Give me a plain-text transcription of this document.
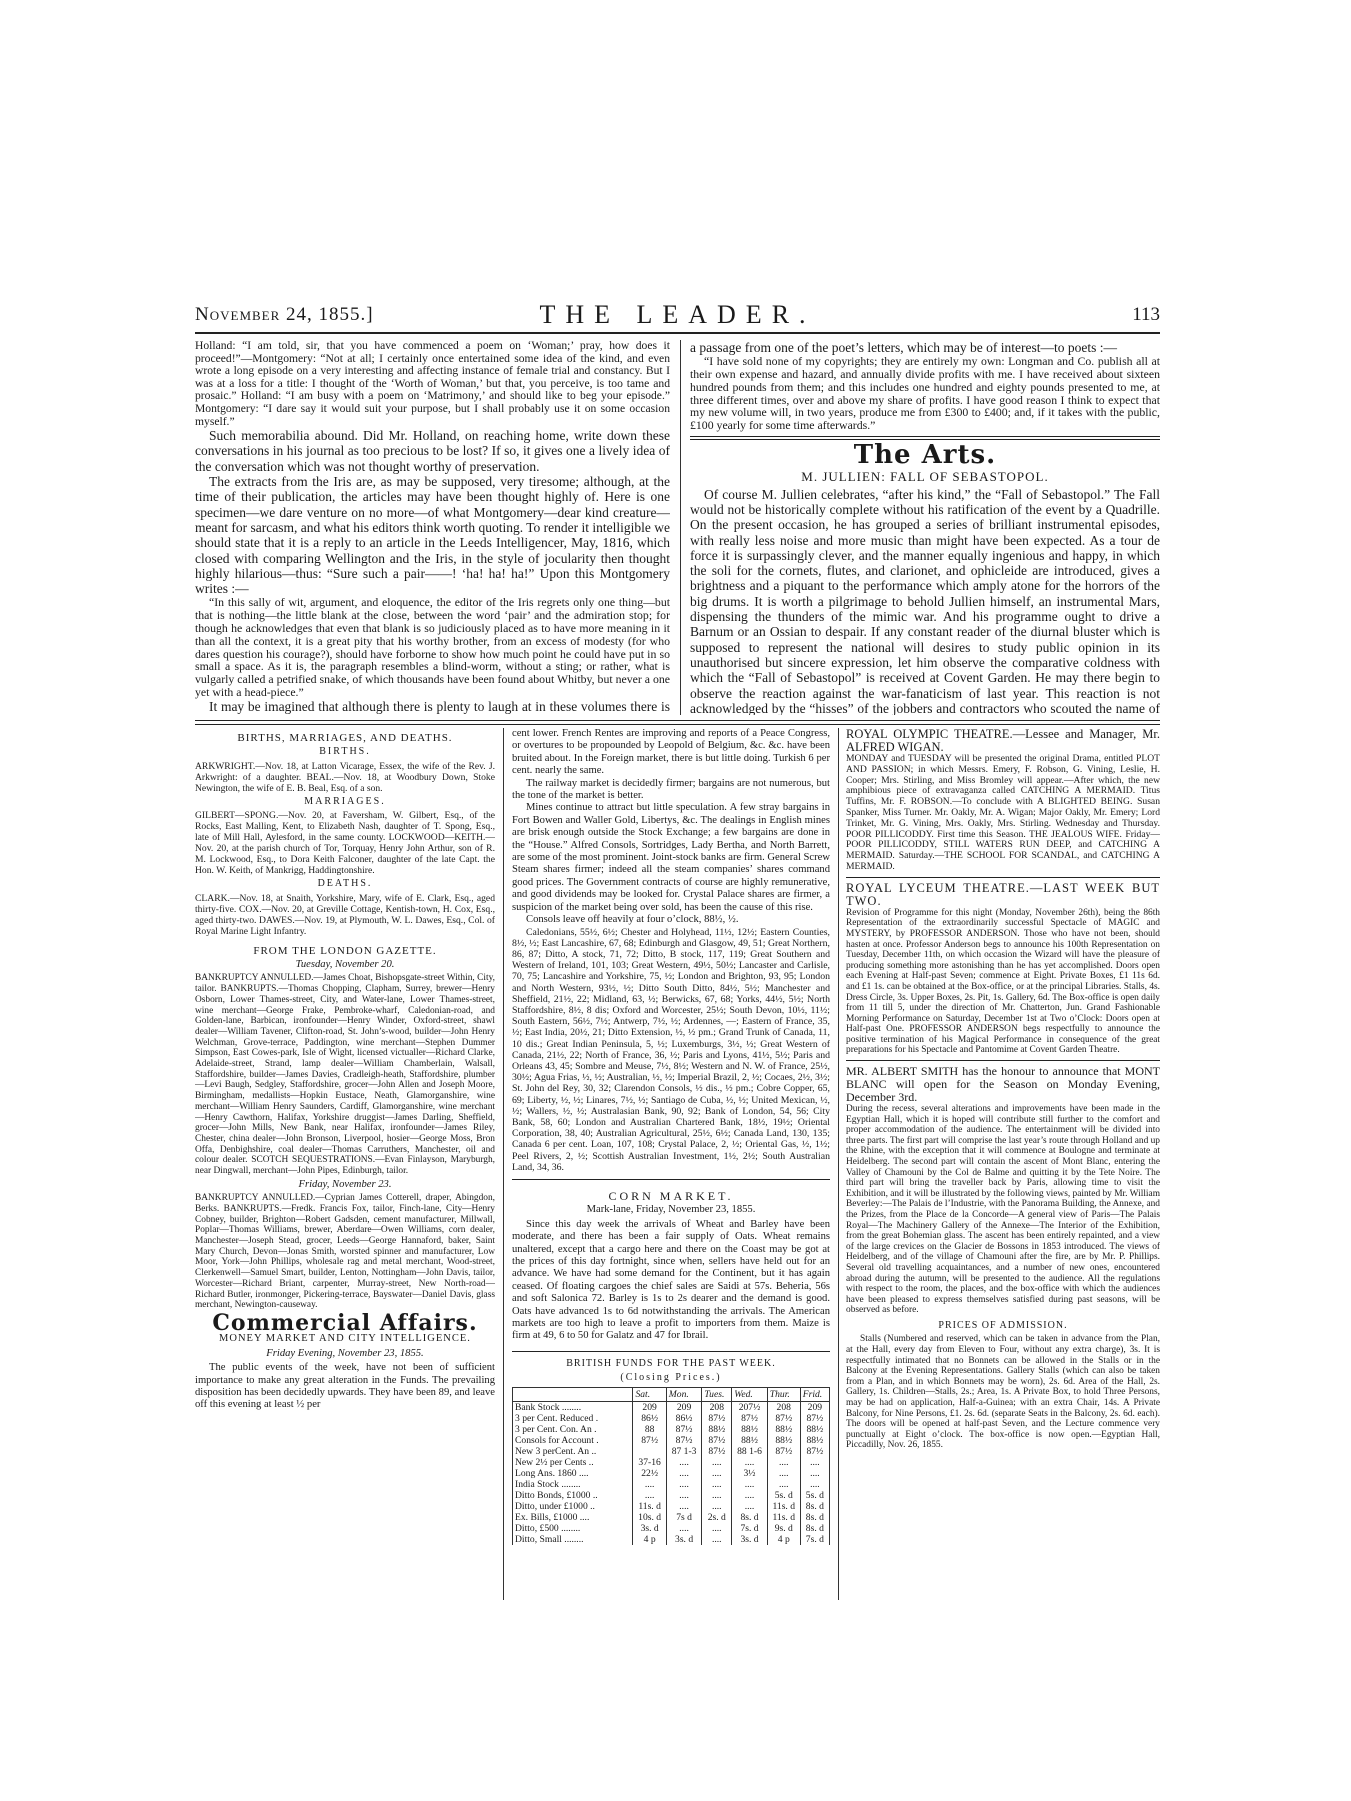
November 24, 1855.]	THE LEADER.	113

Holland: “I am told, sir, that you have commenced a poem on ‘Woman;’ pray, how does it proceed!”—Montgomery: “Not at all; I certainly once entertained some idea of the kind, and even wrote a long episode on a very interesting and affecting instance of female trial and constancy. But I was at a loss for a title: I thought of the ‘Worth of Woman,’ but that, you perceive, is too tame and prosaic.” Holland: “I am busy with a poem on ‘Matrimony,’ and should like to beg your episode.” Montgomery: “I dare say it would suit your purpose, but I shall probably use it on some occasion myself.”

Such memorabilia abound. Did Mr. Holland, on reaching home, write down these conversations in his journal as too precious to be lost? If so, it gives one a lively idea of the conversation which was not thought worthy of preservation.

The extracts from the Iris are, as may be supposed, very tiresome; although, at the time of their publication, the articles may have been thought highly of. Here is one specimen—we dare venture on no more—of what Montgomery—dear kind creature—meant for sarcasm, and what his editors think worth quoting. To render it intelligible we should state that it is a reply to an article in the Leeds Intelligencer, May, 1816, which closed with comparing Wellington and the Iris, in the style of jocularity then thought highly hilarious—thus: “Sure such a pair——! ‘ha! ha! ha!” Upon this Montgomery writes :—

“In this sally of wit, argument, and eloquence, the editor of the Iris regrets only one thing—but that is nothing—the little blank at the close, between the word ‘pair’ and the admiration stop; for though he acknowledges that even that blank is so judiciously placed as to have more meaning in it than all the context, it is a great pity that his worthy brother, from an excess of modesty (for who dares question his courage?), should have forborne to show how much point he could have put in so small a space. As it is, the paragraph resembles a blind-worm, without a sting; or rather, what is vulgarly called a petrified snake, of which thousands have been found about Whitby, but never a one yet with a head-piece.”

It may be imagined that although there is plenty to laugh at in these volumes there is

a passage from one of the poet’s letters, which may be of interest—to poets :—

“I have sold none of my copyrights; they are entirely my own: Longman and Co. publish all at their own expense and hazard, and annually divide profits with me. I have received about sixteen hundred pounds from them; and this includes one hundred and eighty pounds presented to me, at three different times, over and above my share of profits. I have good reason I think to expect that my new volume will, in two years, produce me from £300 to £400; and, if it takes with the public, £100 yearly for some time afterwards.”

The Arts.
M. JULLIEN: FALL OF SEBASTOPOL.

Of course M. Jullien celebrates, “after his kind,” the “Fall of Sebastopol.” The Fall would not be historically complete without his ratification of the event by a Quadrille. On the present occasion, he has grouped a series of brilliant instrumental episodes, with really less noise and more music than might have been expected. As a tour de force it is surpassingly clever, and the manner equally ingenious and happy, in which the soli for the cornets, flutes, and clarionet, and ophicleide are introduced, gives a brightness and a piquant to the performance which amply atone for the horrors of the big drums. It is worth a pilgrimage to behold Jullien himself, an instrumental Mars, dispensing the thunders of the mimic war. And his programme ought to drive a Barnum or an Ossian to despair. If any constant reader of the diurnal bluster which is supposed to represent the national will desires to study public opinion in its unauthorised but sincere expression, let him observe the comparative coldness with which the “Fall of Sebastopol” is received at Covent Garden. He may there begin to observe the reaction against the war-fanaticism of last year. This reaction is not acknowledged by the “hisses” of the jobbers and contractors who scouted the name of

BIRTHS, MARRIAGES, AND DEATHS.
BIRTHS.

ARKWRIGHT.—Nov. 18, at Latton Vicarage, Essex, the wife of the Rev. J. Arkwright: of a daughter. BEAL.—Nov. 18, at Woodbury Down, Stoke Newington, the wife of E. B. Beal, Esq. of a son.

MARRIAGES.

GILBERT—SPONG.—Nov. 20, at Faversham, W. Gilbert, Esq., of the Rocks, East Malling, Kent, to Elizabeth Nash, daughter of T. Spong, Esq., late of Mill Hall, Aylesford, in the same county. LOCKWOOD—KEITH.—Nov. 20, at the parish church of Tor, Torquay, Henry John Arthur, son of R. M. Lockwood, Esq., to Dora Keith Falconer, daughter of the late Capt. the Hon. W. Keith, of Mankrigg, Haddingtonshire.

DEATHS.

CLARK.—Nov. 18, at Snaith, Yorkshire, Mary, wife of E. Clark, Esq., aged thirty-five. COX.—Nov. 20, at Greville Cottage, Kentish-town, H. Cox, Esq., aged thirty-two. DAWES.—Nov. 19, at Plymouth, W. L. Dawes, Esq., Col. of Royal Marine Light Infantry.

FROM THE LONDON GAZETTE.
Tuesday, November 20.

BANKRUPTCY ANNULLED.—James Choat, Bishopsgate-street Within, City, tailor. BANKRUPTS.—Thomas Chopping, Clapham, Surrey, brewer—Henry Osborn, Lower Thames-street, City, and Water-lane, Lower Thames-street, wine merchant—George Frake, Pembroke-wharf, Caledonian-road, and Golden-lane, Barbican, ironfounder—Henry Winder, Oxford-street, shawl dealer—William Tavener, Clifton-road, St. John’s-wood, builder—John Henry Welchman, Grove-terrace, Paddington, wine merchant—Stephen Dummer Simpson, East Cowes-park, Isle of Wight, licensed victualler—Richard Clarke, Adelaide-street, Strand, lamp dealer—William Chamberlain, Walsall, Staffordshire, builder—James Davies, Cradleigh-heath, Staffordshire, plumber—Levi Baugh, Sedgley, Staffordshire, grocer—John Allen and Joseph Moore, Birmingham, medallists—Hopkin Eustace, Neath, Glamorganshire, wine merchant—William Henry Saunders, Cardiff, Glamorganshire, wine merchant—Henry Cawthorn, Halifax, Yorkshire druggist—James Darling, Sheffield, grocer—John Mills, New Bank, near Halifax, ironfounder—James Riley, Chester, china dealer—John Bronson, Liverpool, hosier—George Moss, Bron Offa, Denbighshire, coal dealer—Thomas Carruthers, Manchester, oil and colour dealer. SCOTCH SEQUESTRATIONS.—Evan Finlayson, Maryburgh, near Dingwall, merchant—John Pipes, Edinburgh, tailor.

Friday, November 23.

BANKRUPTCY ANNULLED.—Cyprian James Cotterell, draper, Abingdon, Berks. BANKRUPTS.—Fredk. Francis Fox, tailor, Finch-lane, City—Henry Cobney, builder, Brighton—Robert Gadsden, cement manufacturer, Millwall, Poplar—Thomas Williams, brewer, Aberdare—Owen Williams, corn dealer, Manchester—Joseph Stead, grocer, Leeds—George Hannaford, baker, Saint Mary Church, Devon—Jonas Smith, worsted spinner and manufacturer, Low Moor, York—John Phillips, wholesale rag and metal merchant, Wood-street, Clerkenwell—Samuel Smart, builder, Lenton, Nottingham—John Davis, tailor, Worcester—Richard Briant, carpenter, Murray-street, New North-road—Richard Butler, ironmonger, Pickering-terrace, Bayswater—Daniel Davis, glass merchant, Newington-causeway.

Commercial Affairs.
MONEY MARKET AND CITY INTELLIGENCE.
Friday Evening, November 23, 1855.

The public events of the week, have not been of sufficient importance to make any great alteration in the Funds. The prevailing disposition has been decidedly upwards. They have been 89, and leave off this evening at least ½ per

cent lower. French Rentes are improving and reports of a Peace Congress, or overtures to be propounded by Leopold of Belgium, &c. &c. have been bruited about. In the Foreign market, there is but little doing. Turkish 6 per cent. nearly the same.

The railway market is decidedly firmer; bargains are not numerous, but the tone of the market is better.

Mines continue to attract but little speculation. A few stray bargains in Fort Bowen and Waller Gold, Libertys, &c. The dealings in English mines are brisk enough outside the Stock Exchange; a few bargains are done in the “House.” Alfred Consols, Sortridges, Lady Bertha, and North Barrett, are some of the most prominent. Joint-stock banks are firm. General Screw Steam shares firmer; indeed all the steam companies’ shares command good prices. The Government contracts of course are highly remunerative, and good dividends may be looked for. Crystal Palace shares are firmer, a suspicion of the market being over sold, has been the cause of this rise.

Consols leave off heavily at four o’clock, 88½, ½.

Caledonians, 55½, 6½; Chester and Holyhead, 11½, 12½; Eastern Counties, 8½, ½; East Lancashire, 67, 68; Edinburgh and Glasgow, 49, 51; Great Northern, 86, 87; Ditto, A stock, 71, 72; Ditto, B stock, 117, 119; Great Southern and Western of Ireland, 101, 103; Great Western, 49½, 50½; Lancaster and Carlisle, 70, 75; Lancashire and Yorkshire, 75, ½; London and Brighton, 93, 95; London and North Western, 93½, ½; Ditto South Ditto, 84½, 5½; Manchester and Sheffield, 21½, 22; Midland, 63, ½; Berwicks, 67, 68; Yorks, 44½, 5½; North Staffordshire, 8½, 8 dis; Oxford and Worcester, 25½; South Devon, 10½, 11½; South Eastern, 56½, 7½; Antwerp, 7½, ½; Ardennes, —; Eastern of France, 35, ½; East India, 20½, 21; Ditto Extension, ½, ½ pm.; Grand Trunk of Canada, 11, 10 dis.; Great Indian Peninsula, 5, ½; Luxemburgs, 3½, ½; Great Western of Canada, 21½, 22; North of France, 36, ½; Paris and Lyons, 41½, 5½; Paris and Orleans 43, 45; Sombre and Meuse, 7½, 8½; Western and N. W. of France, 25½, 30½; Agua Frias, ½, ½; Australian, ½, ½; Imperial Brazil, 2, ½; Cocaes, 2½, 3½; St. John del Rey, 30, 32; Clarendon Consols, ½ dis., ½ pm.; Cobre Copper, 65, 69; Liberty, ½, ½; Linares, 7½, ½; Santiago de Cuba, ½, ½; United Mexican, ½, ½; Wallers, ½, ½; Australasian Bank, 90, 92; Bank of London, 54, 56; City Bank, 58, 60; London and Australian Chartered Bank, 18½, 19½; Oriental Corporation, 38, 40; Australian Agricultural, 25½, 6½; Canada Land, 130, 135; Canada 6 per cent. Loan, 107, 108; Crystal Palace, 2, ½; Oriental Gas, ½, 1½; Peel Rivers, 2, ½; Scottish Australian Investment, 1½, 2½; South Australian Land, 34, 36.

CORN MARKET.
Mark-lane, Friday, November 23, 1855.

Since this day week the arrivals of Wheat and Barley have been moderate, and there has been a fair supply of Oats. Wheat remains unaltered, except that a cargo here and there on the Coast may be got at the prices of this day fortnight, since when, sellers have held out for an advance. We have had some demand for the Continent, but it has again ceased. Of floating cargoes the chief sales are Saidi at 57s. Beheria, 56s and soft Salonica 72. Barley is 1s to 2s dearer and the demand is good. Oats have advanced 1s to 6d notwithstanding the arrivals. The American markets are too high to leave a profit to importers from them. Maize is firm at 49, 6 to 50 for Galatz and 47 for Ibrail.

BRITISH FUNDS FOR THE PAST WEEK.
(Closing Prices.)
	Sat.	Mon.	Tues.	Wed.	Thur.	Frid.
Bank Stock ........	209	209	208	207½	208	209
3 per Cent. Reduced .	86½	86½	87½	87½	87½	87½
3 per Cent. Con. An .	88	87½	88½	88½	88½	88½
Consols for Account .	87½	87½	87½	88½	88½	88½
New 3 perCent. An ..		87 1-3	87½	88 1-6	87½	87½
New 2½ per Cents ..	37-16	....	....	....	....	....
Long Ans. 1860 ....	22½	....	....	3½	....	....
India Stock ........	....	....	....	....	....	....
Ditto Bonds, £1000 ..	....	....	....	....	5s. d	5s. d
Ditto, under £1000 ..	11s. d	....	....	....	11s. d	8s. d
Ex. Bills, £1000 ....	10s. d	7s d	2s. d	8s. d	11s. d	8s. d
Ditto, £500 ........	3s. d	....	....	7s. d	9s. d	8s. d
Ditto, Small ........	4 p	3s. d	....	3s. d	4 p	7s. d

ROYAL OLYMPIC THEATRE.—Lessee and Manager, Mr. ALFRED WIGAN.

MONDAY and TUESDAY will be presented the original Drama, entitled PLOT AND PASSION; in which Messrs. Emery, F. Robson, G. Vining, Leslie, H. Cooper; Mrs. Stirling, and Miss Bromley will appear.—After which, the new amphibious piece of extravaganza called CATCHING A MERMAID. Titus Tuffins, Mr. F. ROBSON.—To conclude with A BLIGHTED BEING. Susan Spanker, Miss Turner. Mr. Oakly, Mr. A. Wigan; Major Oakly, Mr. Emery; Lord Trinket, Mr. G. Vining, Mrs. Oakly, Mrs. Stirling. Wednesday and Thursday. POOR PILLICODDY. First time this Season. THE JEALOUS WIFE. Friday—POOR PILLICODDY, STILL WATERS RUN DEEP, and CATCHING A MERMAID. Saturday.—THE SCHOOL FOR SCANDAL, and CATCHING A MERMAID.

ROYAL LYCEUM THEATRE.—LAST WEEK BUT TWO.

Revision of Programme for this night (Monday, November 26th), being the 86th Representation of the extraordinarily successful Spectacle of MAGIC and MYSTERY, by PROFESSOR ANDERSON. Those who have not been, should hasten at once. Professor Anderson begs to announce his 100th Representation on Tuesday, December 11th, on which occasion the Wizard will have the pleasure of producing something more astonishing than he has yet accomplished. Doors open each Evening at Half-past Seven; commence at Eight. Private Boxes, £1 11s 6d. and £1 1s. can be obtained at the Box-office, or at the principal Libraries. Stalls, 4s. Dress Circle, 3s. Upper Boxes, 2s. Pit, 1s. Gallery, 6d. The Box-office is open daily from 11 till 5, under the direction of Mr. Chatterton, Jun. Grand Fashionable Morning Performance on Saturday, December 1st at Two o’Clock: Doors open at Half-past One. PROFESSOR ANDERSON begs respectfully to announce the positive termination of his Magical Performance in consequence of the great preparations for his Spectacle and Pantomime at Covent Garden Theatre.

MR. ALBERT SMITH has the honour to announce that MONT BLANC will open for the Season on Monday Evening, December 3rd.

During the recess, several alterations and improvements have been made in the Egyptian Hall, which it is hoped will contribute still further to the comfort and proper accommodation of the audience. The entertainment will be divided into three parts. The first part will comprise the last year’s route through Holland and up the Rhine, with the exception that it will commence at Boulogne and terminate at Heidelberg. The second part will contain the ascent of Mont Blanc, entering the Valley of Chamouni by the Col de Balme and quitting it by the Tete Noire. The third part will bring the traveller back by Paris, allowing time to visit the Exhibition, and it will be illustrated by the following views, painted by Mr. William Beverley:—The Palais de l’Industrie, with the Panorama Building, the Annexe, and the Prizes, from the Place de la Concorde—A general view of Paris—The Palais Royal—The Machinery Gallery of the Annexe—The Interior of the Exhibition, from the great Bohemian glass. The ascent has been entirely repainted, and a view of the large crevices on the Glacier de Bossons in 1853 introduced. The views of Heidelberg, and of the village of Chamouni after the fire, are by Mr. P. Phillips. Several old travelling acquaintances, and a number of new ones, encountered abroad during the autumn, will be presented to the audience. All the regulations with respect to the room, the places, and the box-office with which the audiences have been pleased to express themselves satisfied during past seasons, will be observed as before.

PRICES OF ADMISSION.

Stalls (Numbered and reserved, which can be taken in advance from the Plan, at the Hall, every day from Eleven to Four, without any extra charge), 3s. It is respectfully intimated that no Bonnets can be allowed in the Stalls or in the Balcony at the Evening Representations. Gallery Stalls (which can also be taken from a Plan, and in which Bonnets may be worn), 2s. 6d. Area of the Hall, 2s. Gallery, 1s. Children—Stalls, 2s.; Area, 1s. A Private Box, to hold Three Persons, may be had on application, Half-a-Guinea; with an extra Chair, 14s. A Private Balcony, for Nine Persons, £1. 2s. 6d. (separate Seats in the Balcony, 2s. 6d. each). The doors will be opened at half-past Seven, and the Lecture commence very punctually at Eight o’clock. The box-office is now open.—Egyptian Hall, Piccadilly, Nov. 26, 1855.
